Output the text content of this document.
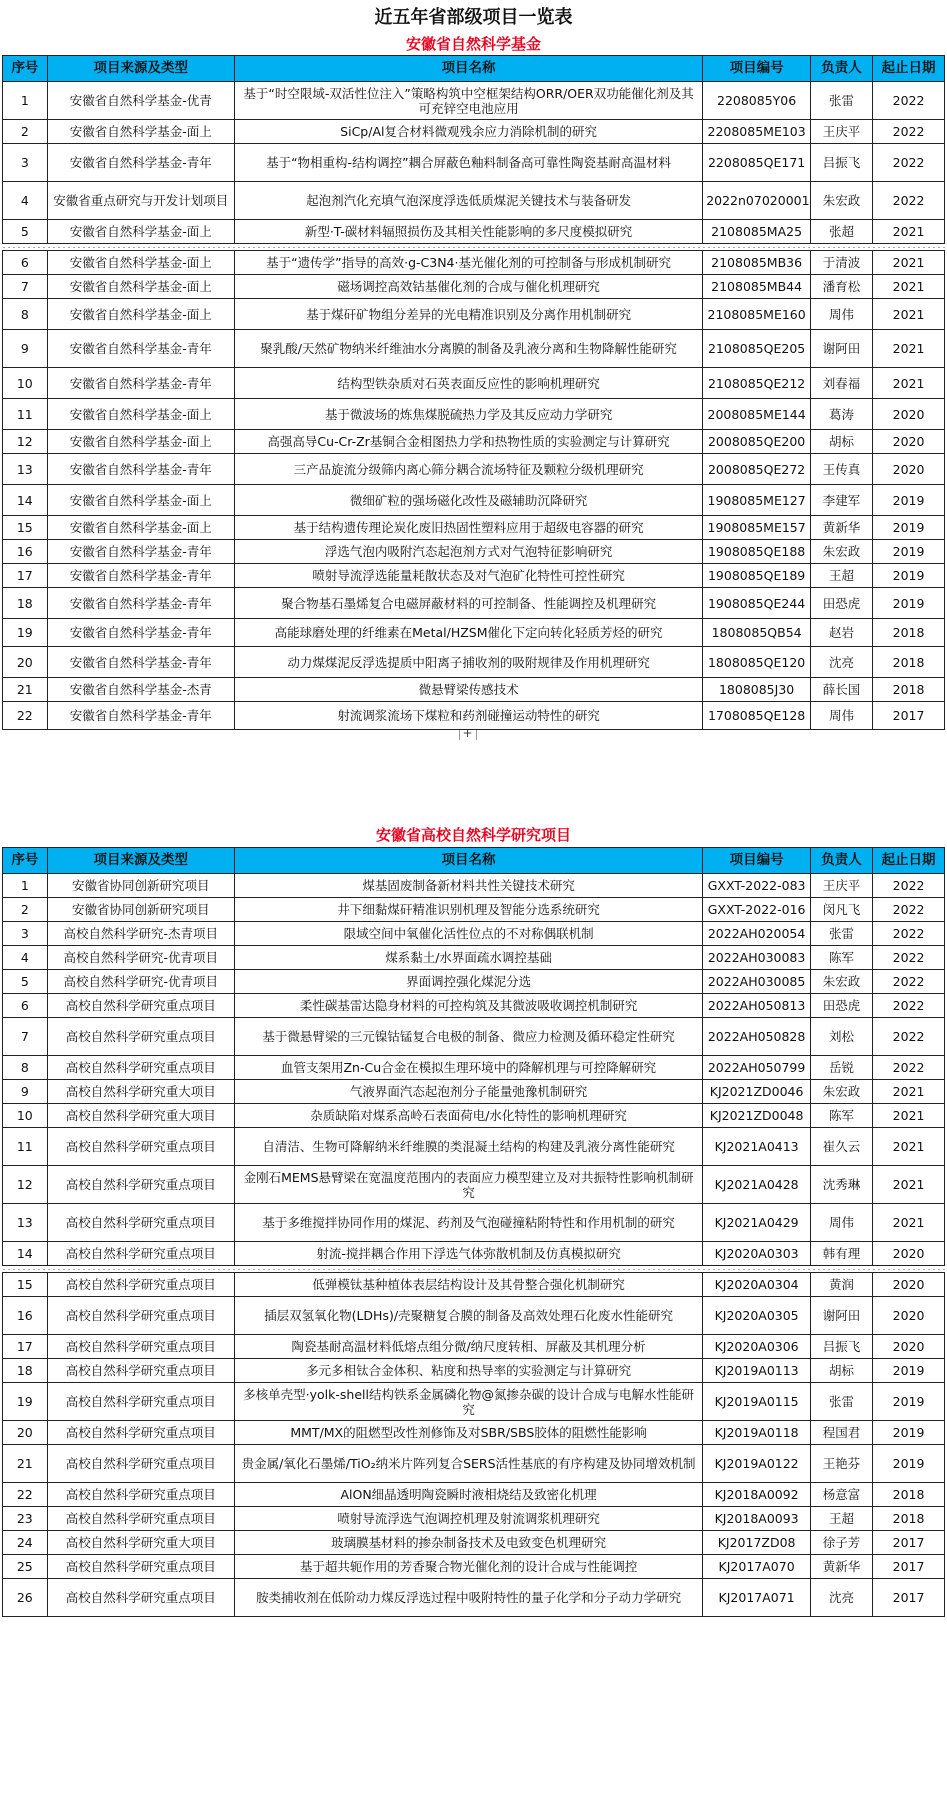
近五年省部级项目一览表
安徽省自然科学基金
序号	项目来源及类型	项目名称	项目编号	负责人	起止日期
1	安徽省自然科学基金-优青	基于“时空限域-双活性位注入”策略构筑中空框架结构ORR/OER双功能催化剂及其可充锌空电池应用	2208085Y06	张雷	2022
2	安徽省自然科学基金-面上	SiCp/Al复合材料微观残余应力消除机制的研究	2208085ME103	王庆平	2022
3	安徽省自然科学基金-青年	基于“物相重构-结构调控”耦合屏蔽色釉料制备高可靠性陶瓷基耐高温材料	2208085QE171	吕振飞	2022
4	安徽省重点研究与开发计划项目	起泡剂汽化充填气泡深度浮选低质煤泥关键技术与装备研发	2022n07020001	朱宏政	2022
5	安徽省自然科学基金-面上	新型·T-碳材料辐照损伤及其相关性能影响的多尺度模拟研究	2108085MA25	张超	2021

6	安徽省自然科学基金-面上	基于“遗传学”指导的高效·g-C3N4·基光催化剂的可控制备与形成机制研究	2108085MB36	于清波	2021
7	安徽省自然科学基金-面上	磁场调控高效钴基催化剂的合成与催化机理研究	2108085MB44	潘育松	2021
8	安徽省自然科学基金-面上	基于煤矸矿物组分差异的光电精准识别及分离作用机制研究	2108085ME160	周伟	2021
9	安徽省自然科学基金-青年	聚乳酸/天然矿物纳米纤维油水分离膜的制备及乳液分离和生物降解性能研究	2108085QE205	谢阿田	2021
10	安徽省自然科学基金-青年	结构型铁杂质对石英表面反应性的影响机理研究	2108085QE212	刘春福	2021
11	安徽省自然科学基金-面上	基于微波场的炼焦煤脱硫热力学及其反应动力学研究	2008085ME144	葛涛	2020
12	安徽省自然科学基金-面上	高强高导Cu-Cr-Zr基铜合金相图热力学和热物性质的实验测定与计算研究	2008085QE200	胡标	2020
13	安徽省自然科学基金-青年	三产品旋流分级筛内离心筛分耦合流场特征及颗粒分级机理研究	2008085QE272	王传真	2020
14	安徽省自然科学基金-面上	微细矿粒的强场磁化改性及磁辅助沉降研究	1908085ME127	李建军	2019
15	安徽省自然科学基金-面上	基于结构遗传理论炭化废旧热固性塑料应用于超级电容器的研究	1908085ME157	黄新华	2019
16	安徽省自然科学基金-青年	浮选气泡内吸附汽态起泡剂方式对气泡特征影响研究	1908085QE188	朱宏政	2019
17	安徽省自然科学基金-青年	喷射导流浮选能量耗散状态及对气泡矿化特性可控性研究	1908085QE189	王超	2019
18	安徽省自然科学基金-青年	聚合物基石墨烯复合电磁屏蔽材料的可控制备、性能调控及机理研究	1908085QE244	田恐虎	2019
19	安徽省自然科学基金-青年	高能球磨处理的纤维素在Metal/HZSM催化下定向转化轻质芳烃的研究	1808085QB54	赵岩	2018
20	安徽省自然科学基金-青年	动力煤煤泥反浮选提质中阳离子捕收剂的吸附规律及作用机理研究	1808085QE120	沈亮	2018
21	安徽省自然科学基金-杰青	微悬臂梁传感技术	1808085J30	薛长国	2018
22	安徽省自然科学基金-青年	射流调浆流场下煤粒和药剂碰撞运动特性的研究	1708085QE128	周伟	2017

+					
安徽省高校自然科学研究项目
序号	项目来源及类型	项目名称	项目编号	负责人	起止日期
1	安徽省协同创新研究项目	煤基固废制备新材料共性关键技术研究	GXXT-2022-083	王庆平	2022
2	安徽省协同创新研究项目	井下细黏煤矸精准识别机理及智能分选系统研究	GXXT-2022-016	闵凡飞	2022
3	高校自然科学研究-杰青项目	限域空间中氧催化活性位点的不对称偶联机制	2022AH020054	张雷	2022
4	高校自然科学研究-优青项目	煤系黏土/水界面疏水调控基础	2022AH030083	陈军	2022
5	高校自然科学研究-优青项目	界面调控强化煤泥分选	2022AH030085	朱宏政	2022
6	高校自然科学研究重点项目	柔性碳基雷达隐身材料的可控构筑及其微波吸收调控机制研究	2022AH050813	田恐虎	2022
7	高校自然科学研究重点项目	基于微悬臂梁的三元镍钴锰复合电极的制备、微应力检测及循环稳定性研究	2022AH050828	刘松	2022
8	高校自然科学研究重点项目	血管支架用Zn-Cu合金在模拟生理环境中的降解机理与可控降解研究	2022AH050799	岳锐	2022
9	高校自然科学研究重大项目	气液界面汽态起泡剂分子能量弛豫机制研究	KJ2021ZD0046	朱宏政	2021
10	高校自然科学研究重大项目	杂质缺陷对煤系高岭石表面荷电/水化特性的影响机理研究	KJ2021ZD0048	陈军	2021
11	高校自然科学研究重点项目	自清洁、生物可降解纳米纤维膜的类混凝土结构的构建及乳液分离性能研究	KJ2021A0413	崔久云	2021
12	高校自然科学研究重点项目	金刚石MEMS悬臂梁在宽温度范围内的表面应力模型建立及对共振特性影响机制研究	KJ2021A0428	沈秀琳	2021
13	高校自然科学研究重点项目	基于多维搅拌协同作用的煤泥、药剂及气泡碰撞粘附特性和作用机制的研究	KJ2021A0429	周伟	2021
14	高校自然科学研究重点项目	射流-搅拌耦合作用下浮选气体弥散机制及仿真模拟研究	KJ2020A0303	韩有理	2020

15	高校自然科学研究重点项目	低弹模钛基种植体表层结构设计及其骨整合强化机制研究	KJ2020A0304	黄润	2020
16	高校自然科学研究重点项目	插层双氢氧化物(LDHs)/壳聚糖复合膜的制备及高效处理石化废水性能研究	KJ2020A0305	谢阿田	2020
17	高校自然科学研究重点项目	陶瓷基耐高温材料低熔点组分微/纳尺度转相、屏蔽及其机理分析	KJ2020A0306	吕振飞	2020
18	高校自然科学研究重点项目	多元多相钛合金体积、粘度和热导率的实验测定与计算研究	KJ2019A0113	胡标	2019
19	高校自然科学研究重点项目	多核单壳型·yolk-shell结构铁系金属磷化物@氮掺杂碳的设计合成与电解水性能研究	KJ2019A0115	张雷	2019
20	高校自然科学研究重点项目	MMT/MX的阻燃型改性剂修饰及对SBR/SBS胶体的阻燃性能影响	KJ2019A0118	程国君	2019
21	高校自然科学研究重点项目	贵金属/氧化石墨烯/TiO₂纳米片阵列复合SERS活性基底的有序构建及协同增效机制	KJ2019A0122	王艳芬	2019
22	高校自然科学研究重点项目	AlON细晶透明陶瓷瞬时液相烧结及致密化机理	KJ2018A0092	杨意富	2018
23	高校自然科学研究重点项目	喷射导流浮选气泡调控机理及射流调浆机理研究	KJ2018A0093	王超	2018
24	高校自然科学研究重大项目	玻璃膜基材料的掺杂制备技术及电致变色机理研究	KJ2017ZD08	徐子芳	2017
25	高校自然科学研究重点项目	基于超共轭作用的芳香聚合物光催化剂的设计合成与性能调控	KJ2017A070	黄新华	2017
26	高校自然科学研究重点项目	胺类捕收剂在低阶动力煤反浮选过程中吸附特性的量子化学和分子动力学研究	KJ2017A071	沈亮	2017
